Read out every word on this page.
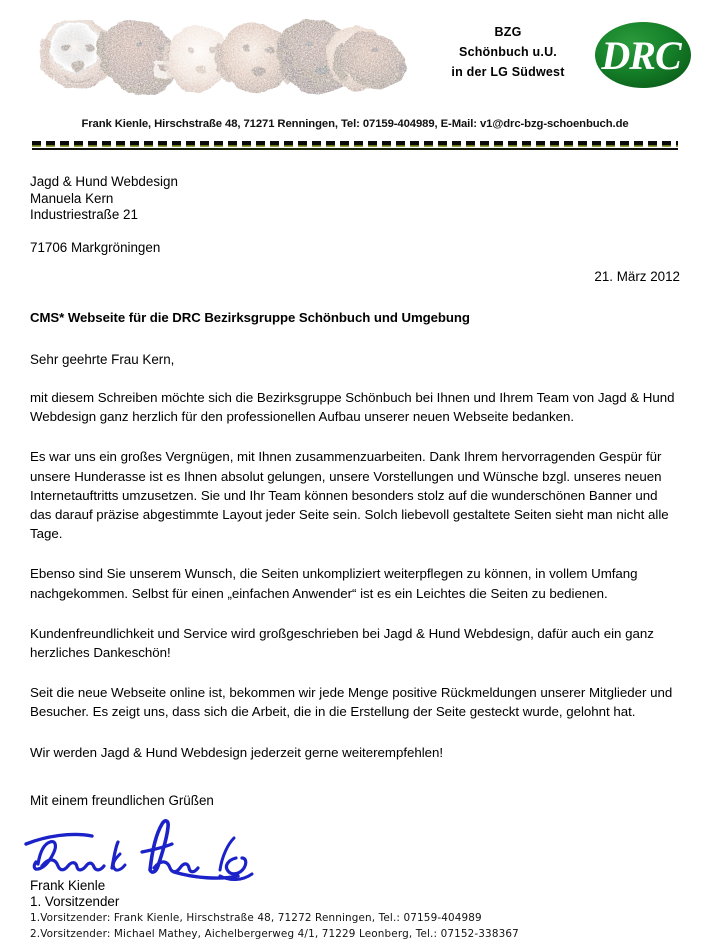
BZG
Schönbuch u.U.
in der LG Südwest DRC
Frank Kienle, Hirschstraße 48, 71271 Renningen, Tel: 07159-404989, E-Mail: v1@drc-bzg-schoenbuch.de
Jagd & Hund Webdesign
Manuela Kern
Industriestraße 21
71706 Markgröningen
21. März 2012
CMS* Webseite für die DRC Bezirksgruppe Schönbuch und Umgebung
Sehr geehrte Frau Kern,

mit diesem Schreiben möchte sich die Bezirksgruppe Schönbuch bei Ihnen und Ihrem Team von Jagd & Hund Webdesign ganz herzlich für den professionellen Aufbau unserer neuen Webseite bedanken.

Es war uns ein großes Vergnügen, mit Ihnen zusammenzuarbeiten. Dank Ihrem hervorragenden Gespür für unsere Hunderasse ist es Ihnen absolut gelungen, unsere Vorstellungen und Wünsche bzgl. unseres neuen Internetauftritts umzusetzen. Sie und Ihr Team können besonders stolz auf die wunderschönen Banner und das darauf präzise abgestimmte Layout jeder Seite sein. Solch liebevoll gestaltete Seiten sieht man nicht alle Tage.

Ebenso sind Sie unserem Wunsch, die Seiten unkompliziert weiterpflegen zu können, in vollem Umfang nachgekommen. Selbst für einen „einfachen Anwender“ ist es ein Leichtes die Seiten zu bedienen.

Kundenfreundlichkeit und Service wird großgeschrieben bei Jagd & Hund Webdesign, dafür auch ein ganz herzliches Dankeschön!

Seit die neue Webseite online ist, bekommen wir jede Menge positive Rückmeldungen unserer Mitglieder und Besucher. Es zeigt uns, dass sich die Arbeit, die in die Erstellung der Seite gesteckt wurde, gelohnt hat.

Wir werden Jagd & Hund Webdesign jederzeit gerne weiterempfehlen!

Mit einem freundlichen Grüßen
Frank Kienle
1. Vorsitzender
1.Vorsitzender: Frank Kienle, Hirschstraße 48, 71272 Renningen, Tel.: 07159-404989
2.Vorsitzender: Michael Mathey, Aichelbergerweg 4/1, 71229 Leonberg, Tel.: 07152-338367
